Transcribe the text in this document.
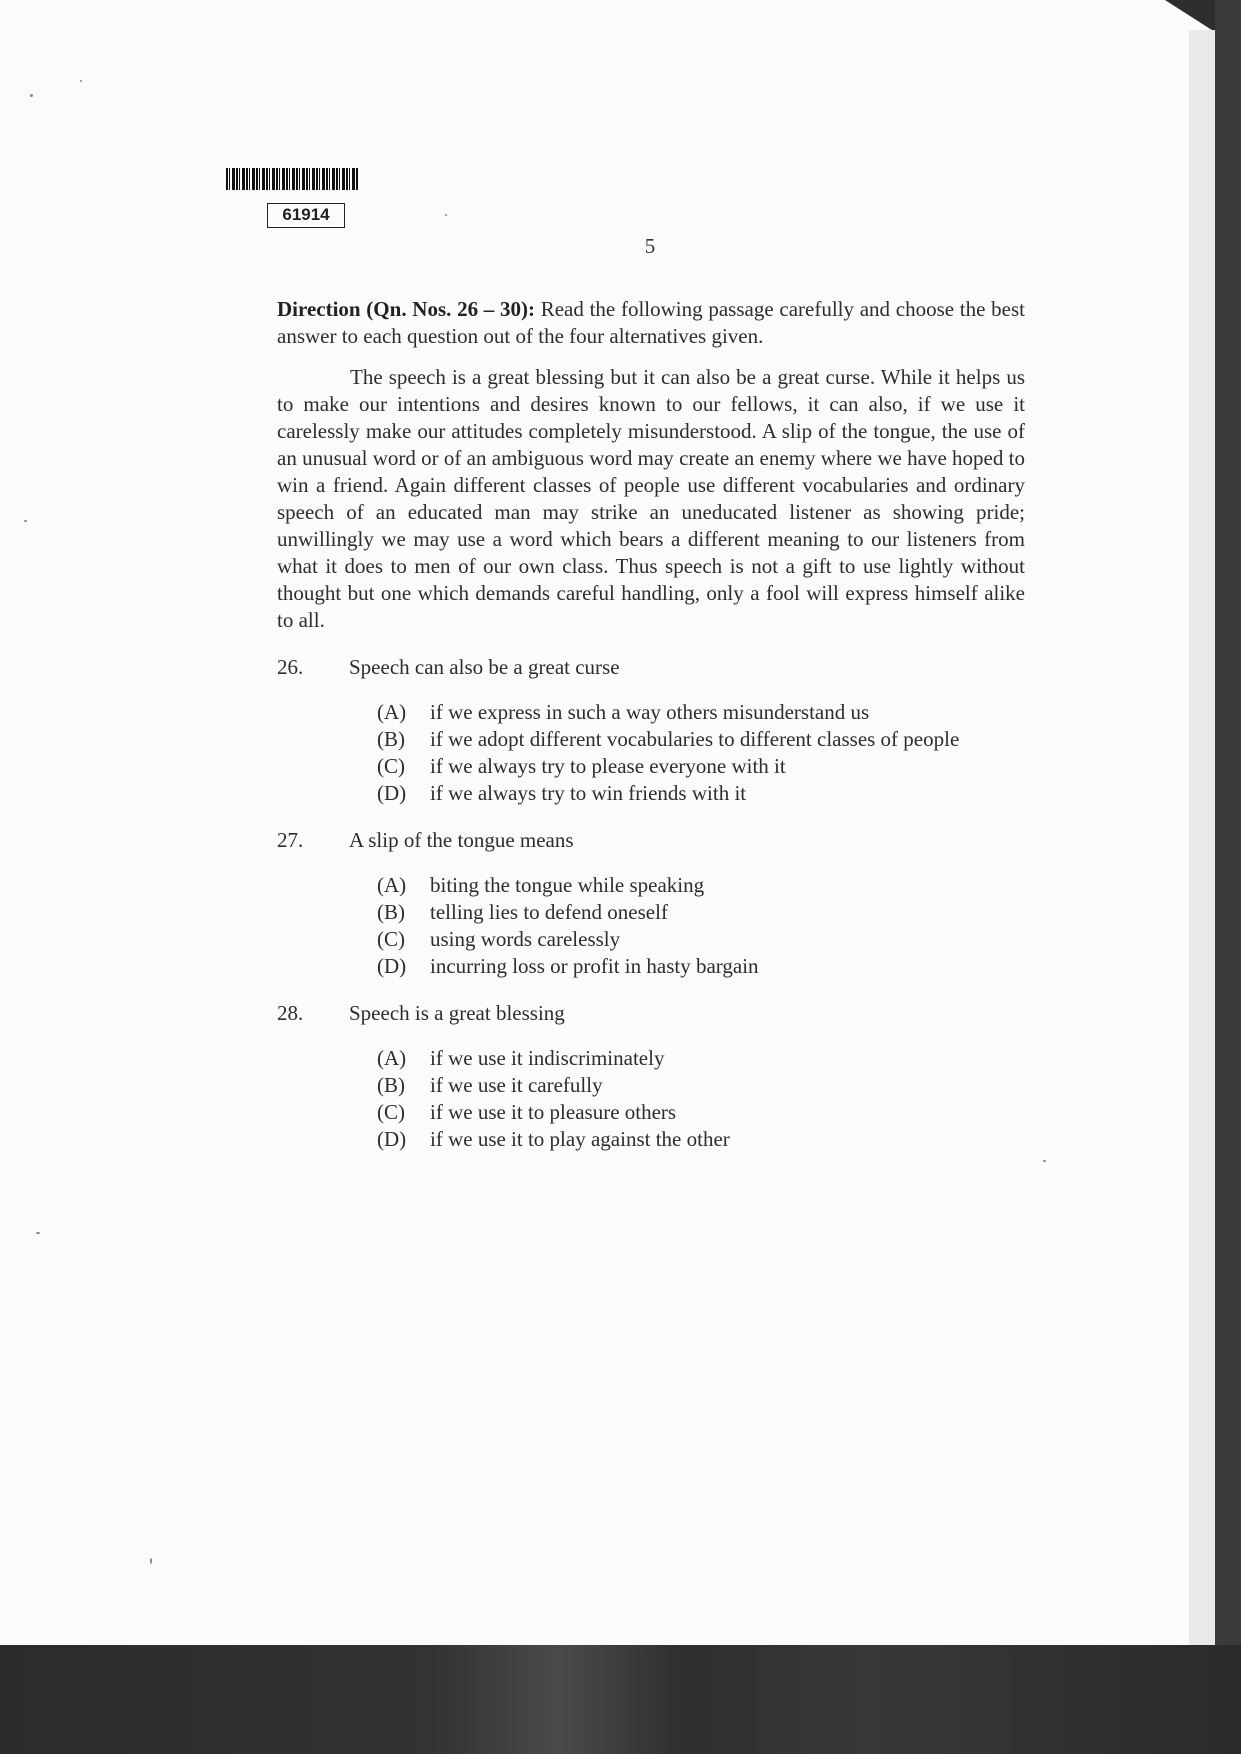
61914
5

Direction (Qn. Nos. 26 – 30): Read the following passage carefully and choose the best answer to each question out of the four alternatives given.

The speech is a great blessing but it can also be a great curse. While it helps us to make our intentions and desires known to our fellows, it can also, if we use it carelessly make our attitudes completely misunderstood. A slip of the tongue, the use of an unusual word or of an ambiguous word may create an enemy where we have hoped to win a friend. Again different classes of people use different vocabularies and ordinary speech of an educated man may strike an uneducated listener as showing pride; unwillingly we may use a word which bears a different meaning to our listeners from what it does to men of our own class. Thus speech is not a gift to use lightly without thought but one which demands careful handling, only a fool will express himself alike to all.

26.	Speech can also be a great curse
(A)	if we express in such a way others misunderstand us
(B)	if we adopt different vocabularies to different classes of people
(C)	if we always try to please everyone with it
(D)	if we always try to win friends with it
27.	A slip of the tongue means
(A)	biting the tongue while speaking
(B)	telling lies to defend oneself
(C)	using words carelessly
(D)	incurring loss or profit in hasty bargain
28.	Speech is a great blessing
(A)	if we use it indiscriminately
(B)	if we use it carefully
(C)	if we use it to pleasure others
(D)	if we use it to play against the other
